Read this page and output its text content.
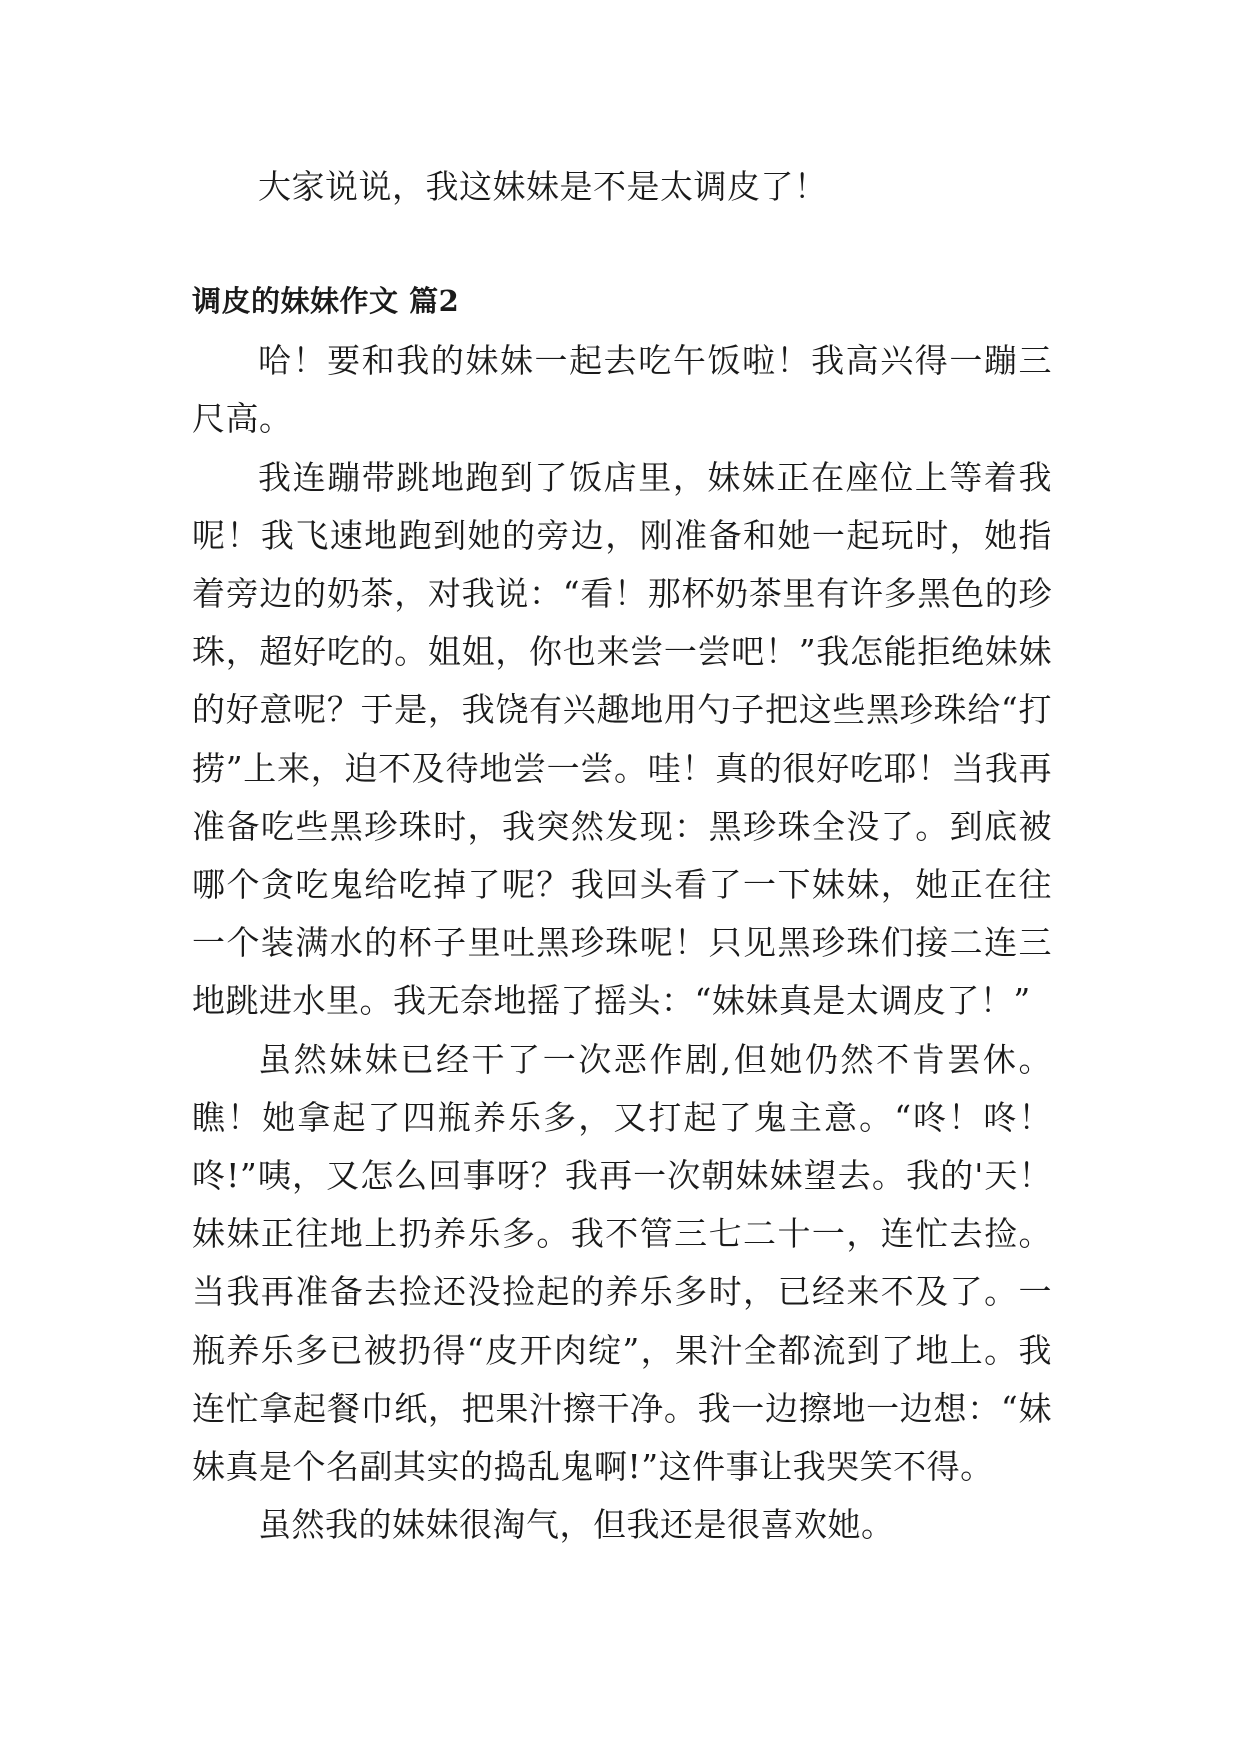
大家说说，我这妹妹是不是太调皮了！

调皮的妹妹作文 篇2

哈！要和我的妹妹一起去吃午饭啦！我高兴得一蹦三尺高。

我连蹦带跳地跑到了饭店里，妹妹正在座位上等着我呢！我飞速地跑到她的旁边，刚准备和她一起玩时，她指着旁边的奶茶，对我说：“看！那杯奶茶里有许多黑色的珍珠，超好吃的。姐姐，你也来尝一尝吧！”我怎能拒绝妹妹的好意呢？于是，我饶有兴趣地用勺子把这些黑珍珠给“打捞”上来，迫不及待地尝一尝。哇！真的很好吃耶！当我再准备吃些黑珍珠时，我突然发现：黑珍珠全没了。到底被哪个贪吃鬼给吃掉了呢？我回头看了一下妹妹，她正在往一个装满水的杯子里吐黑珍珠呢！只见黑珍珠们接二连三地跳进水里。我无奈地摇了摇头：“妹妹真是太调皮了！”

虽然妹妹已经干了一次恶作剧,但她仍然不肯罢休。瞧！她拿起了四瓶养乐多，又打起了鬼主意。“咚！咚！咚!”咦，又怎么回事呀？我再一次朝妹妹望去。我的'天！妹妹正往地上扔养乐多。我不管三七二十一，连忙去捡。当我再准备去捡还没捡起的养乐多时，已经来不及了。一瓶养乐多已被扔得“皮开肉绽”，果汁全都流到了地上。我连忙拿起餐巾纸，把果汁擦干净。我一边擦地一边想：“妹妹真是个名副其实的捣乱鬼啊!”这件事让我哭笑不得。

虽然我的妹妹很淘气，但我还是很喜欢她。
